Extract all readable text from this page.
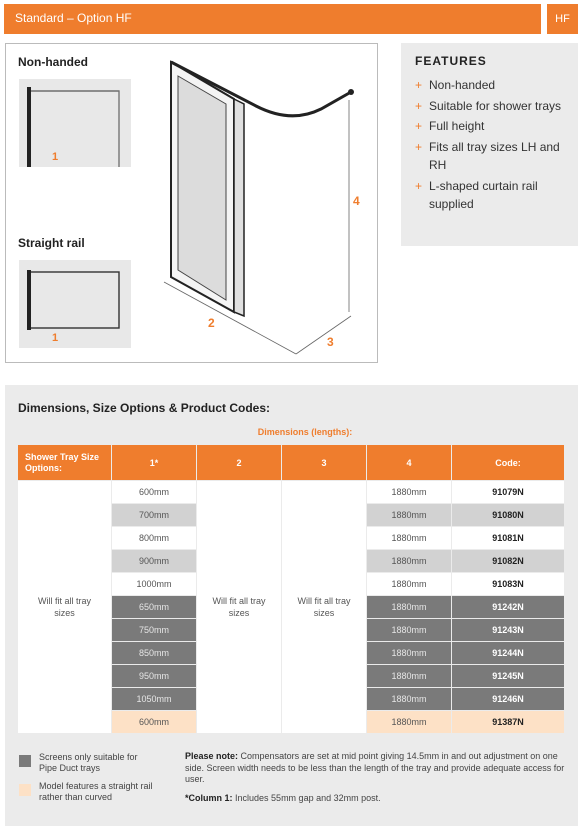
Standard – Option HF	HF
Non-handed
1
Straight rail
1
2
3
4
FEATURES
+ Non-handed
+ Suitable for shower trays
+ Full height
+ Fits all tray sizes LH and RH
+ L-shaped curtain rail supplied
Dimensions, Size Options & Product Codes:
Dimensions (lengths):
Shower Tray Size Options:	1*	2	3	4	Code:
Will fit all tray sizes
Will fit all tray sizes
Will fit all tray sizes
600mm	1880mm	91079N
700mm	1880mm	91080N
800mm	1880mm	91081N
900mm	1880mm	91082N
1000mm	1880mm	91083N
650mm	1880mm	91242N
750mm	1880mm	91243N
850mm	1880mm	91244N
950mm	1880mm	91245N
1050mm	1880mm	91246N
600mm	1880mm	91387N
Screens only suitable for Pipe Duct trays
Model features a straight rail rather than curved
Please note: Compensators are set at mid point giving 14.5mm in and out adjustment on one side. Screen width needs to be less than the length of the tray and provide adequate access for user.
*Column 1: Includes 55mm gap and 32mm post.
